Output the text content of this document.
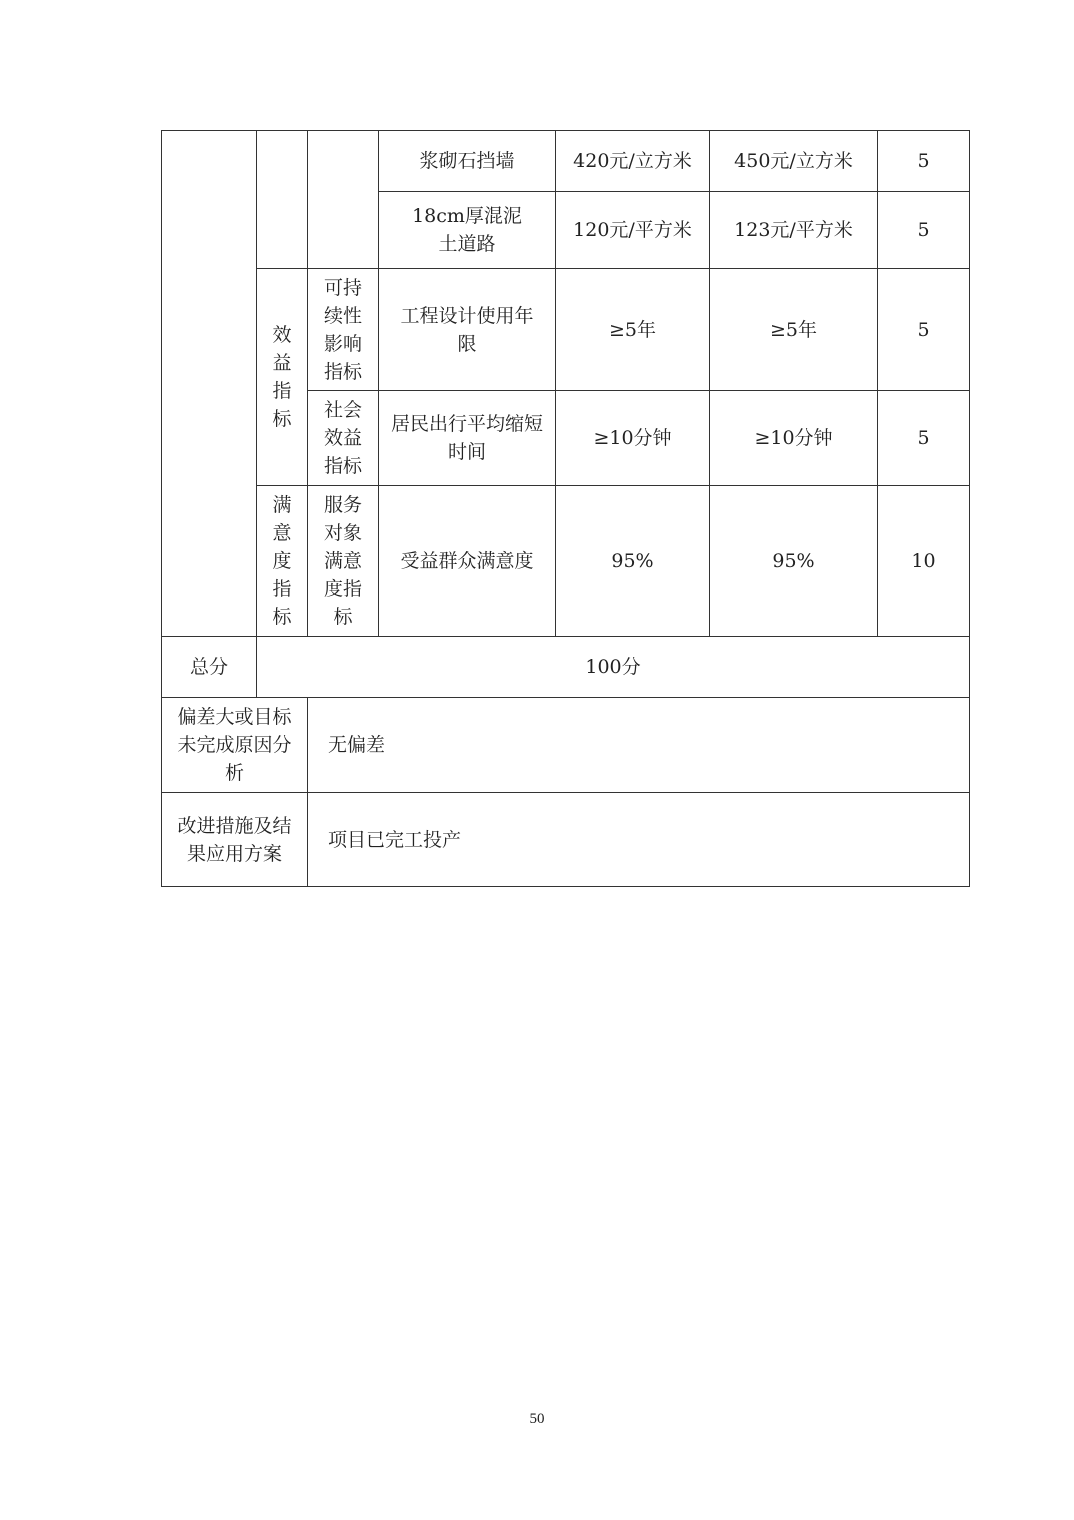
			浆砌石挡墙	420元/立方米	450元/立方米	5
			18cm厚混泥土道路	120元/平方米	123元/平方米	5
	效益指标	可持续性影响指标	工程设计使用年限	≥5年	≥5年	5
		社会效益指标	居民出行平均缩短时间	≥10分钟	≥10分钟	5
	满意度指标	服务对象满意度指标	受益群众满意度	95%	95%	10
总分	100分					
偏差大或目标未完成原因分析		无偏差				
改进措施及结果应用方案		项目已完工投产				
50
